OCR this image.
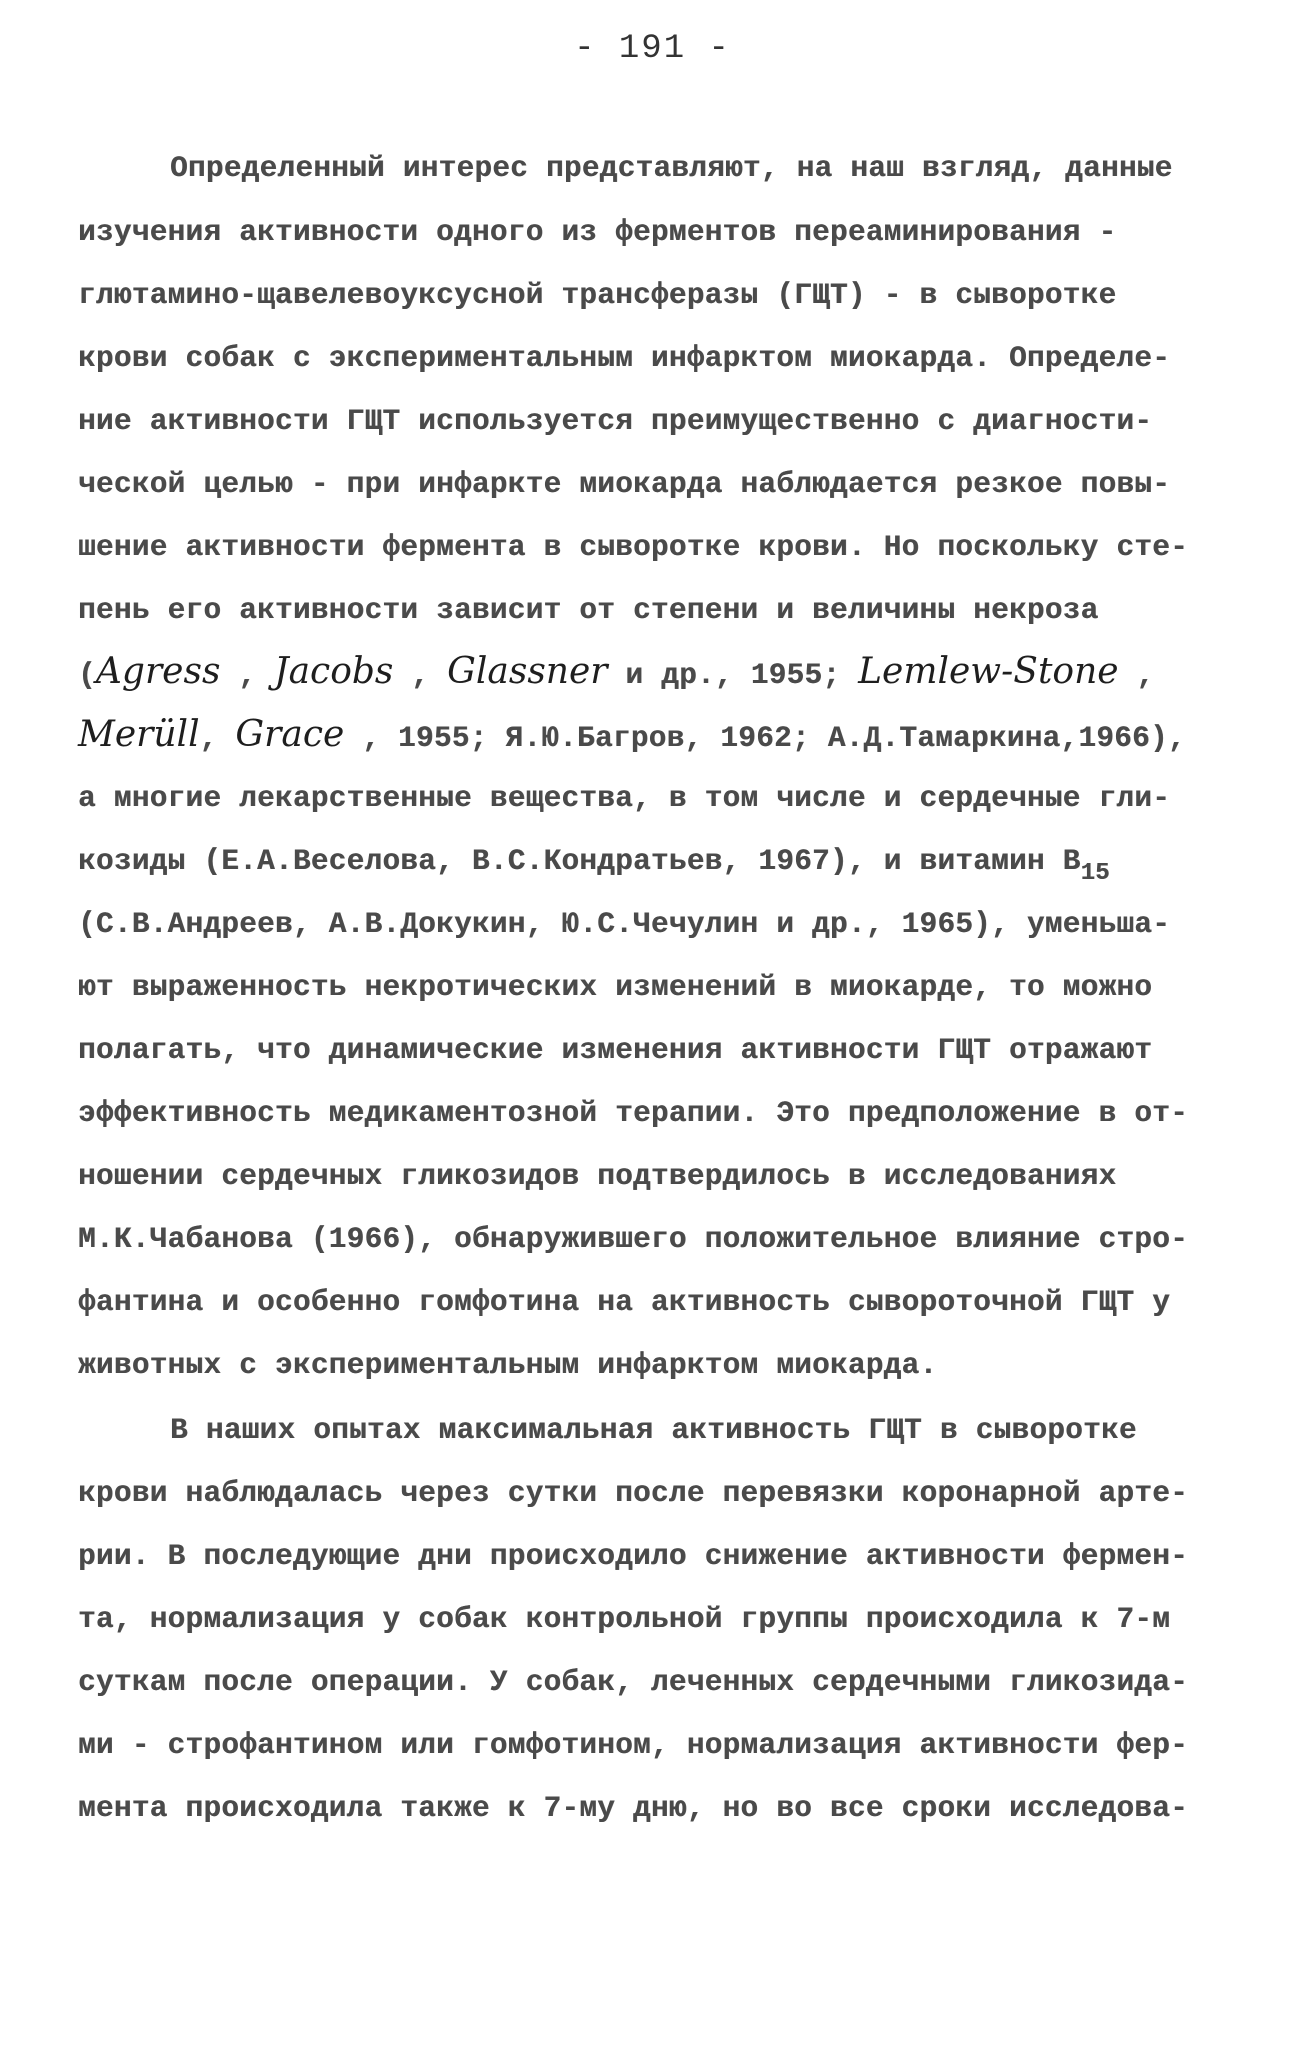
- 191 -
Определенный интерес представляют, на наш взгляд, данные
изучения активности одного из ферментов переаминирования -
глютамино-щавелевоуксусной трансферазы (ГЩТ) - в сыворотке
крови собак с экспериментальным инфарктом миокарда. Определе-
ние активности ГЩТ используется преимущественно с диагности-
ческой целью - при инфаркте миокарда наблюдается резкое повы-
шение активности фермента в сыворотке крови. Но поскольку сте-
пень его активности зависит от степени и величины некроза
(Agress , Jacobs , Glassner и др., 1955; Lemlew-Stone ,
Merüll, Grace , 1955; Я.Ю.Багров, 1962; А.Д.Тамаркина,1966),
а многие лекарственные вещества, в том числе и сердечные гли-
козиды (Е.А.Веселова, В.С.Кондратьев, 1967), и витамин $В_{15}$
(С.В.Андреев, А.В.Докукин, Ю.С.Чечулин и др., 1965), уменьша-
ют выраженность некротических изменений в миокарде, то можно
полагать, что динамические изменения активности ГЩТ отражают
эффективность медикаментозной терапии. Это предположение в от-
ношении сердечных гликозидов подтвердилось в исследованиях
М.К.Чабанова (1966), обнаружившего положительное влияние стро-
фантина и особенно гомфотина на активность сывороточной ГЩТ у
животных с экспериментальным инфарктом миокарда.
В наших опытах максимальная активность ГЩТ в сыворотке
крови наблюдалась через сутки после перевязки коронарной арте-
рии. В последующие дни происходило снижение активности фермен-
та, нормализация у собак контрольной группы происходила к 7-м
суткам после операции. У собак, леченных сердечными гликозида-
ми - строфантином или гомфотином, нормализация активности фер-
мента происходила также к 7-му дню, но во все сроки исследова-
